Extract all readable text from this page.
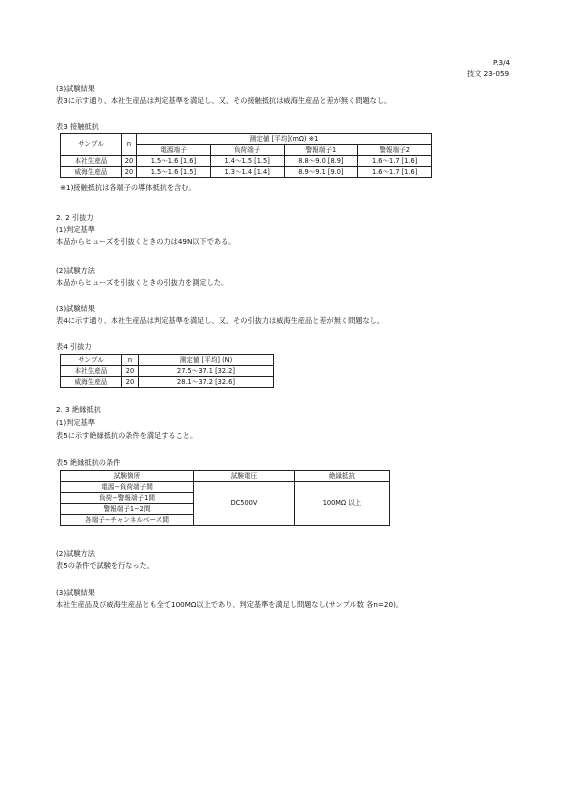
P.3/4
技文 23-059
(3)試験結果
表3に示す通り、本社生産品は判定基準を満足し、又、その接触抵抗は威海生産品と差が無く問題なし。
表3 接触抵抗
サンプル	n	測定値 [平均](mΩ) ※1			
		電源端子	負荷端子	警報端子1	警報端子2
本社生産品	20	1.5～1.6 [1.6]	1.4～1.5 [1.5]	8.8～9.0 [8.9]	1.6～1.7 [1.6]
威海生産品	20	1.5～1.6 [1.5]	1.3～1.4 [1.4]	8.9～9.1 [9.0]	1.6～1.7 [1.6]
※1)接触抵抗は各端子の導体抵抗を含む。
2. 2 引抜力
(1)判定基準
本品からヒューズを引抜くときの力は49N以下である。
(2)試験方法
本品からヒューズを引抜くときの引抜力を測定した。
(3)試験結果
表4に示す通り、本社生産品は判定基準を満足し、又、その引抜力は威海生産品と差が無く問題なし。
表4 引抜力
サンプル	n	測定値 [平均] (N)
本社生産品	20	27.5～37.1 [32.2]
威海生産品	20	28.1～37.2 [32.6]
2. 3 絶縁抵抗
(1)判定基準
表5に示す絶縁抵抗の条件を満足すること。
表5 絶縁抵抗の条件
試験箇所	試験電圧	絶縁抵抗
電源−負荷端子間	DC500V	100MΩ 以上
負荷−警報端子1間		
警報端子1−2間		
各端子−チャンネルベース間		
(2)試験方法
表5の条件で試験を行なった。
(3)試験結果
本社生産品及び威海生産品とも全て100MΩ以上であり、判定基準を満足し問題なし(サンプル数 各n=20)。
